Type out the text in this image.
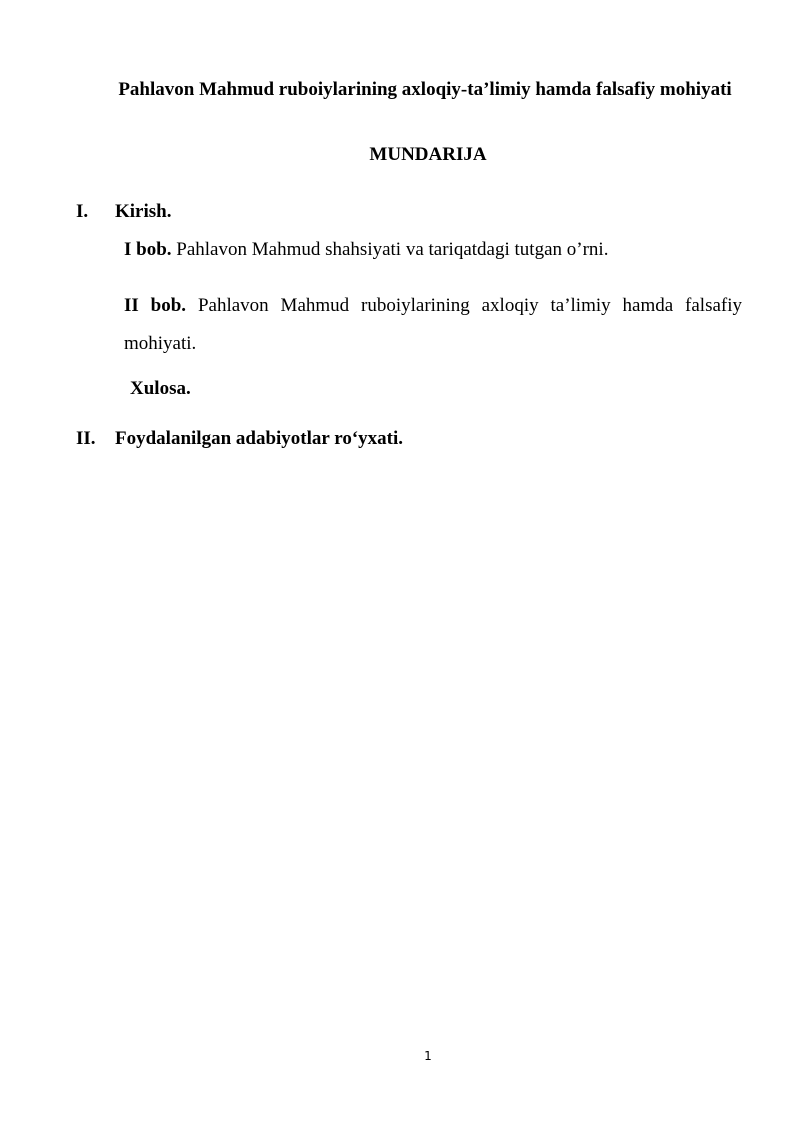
Pahlavon Mahmud ruboiylarining axloqiy-ta’limiy hamda falsafiy mohiyati
MUNDARIJA
I. Kirish.
I bob. Pahlavon Mahmud shahsiyati va tariqatdagi tutgan o’rni.
II bob. Pahlavon Mahmud ruboiylarining axloqiy ta’limiy hamda falsafiy mohiyati.
Xulosa.
II. Foydalanilgan adabiyotlar ro‘yxati.
1
